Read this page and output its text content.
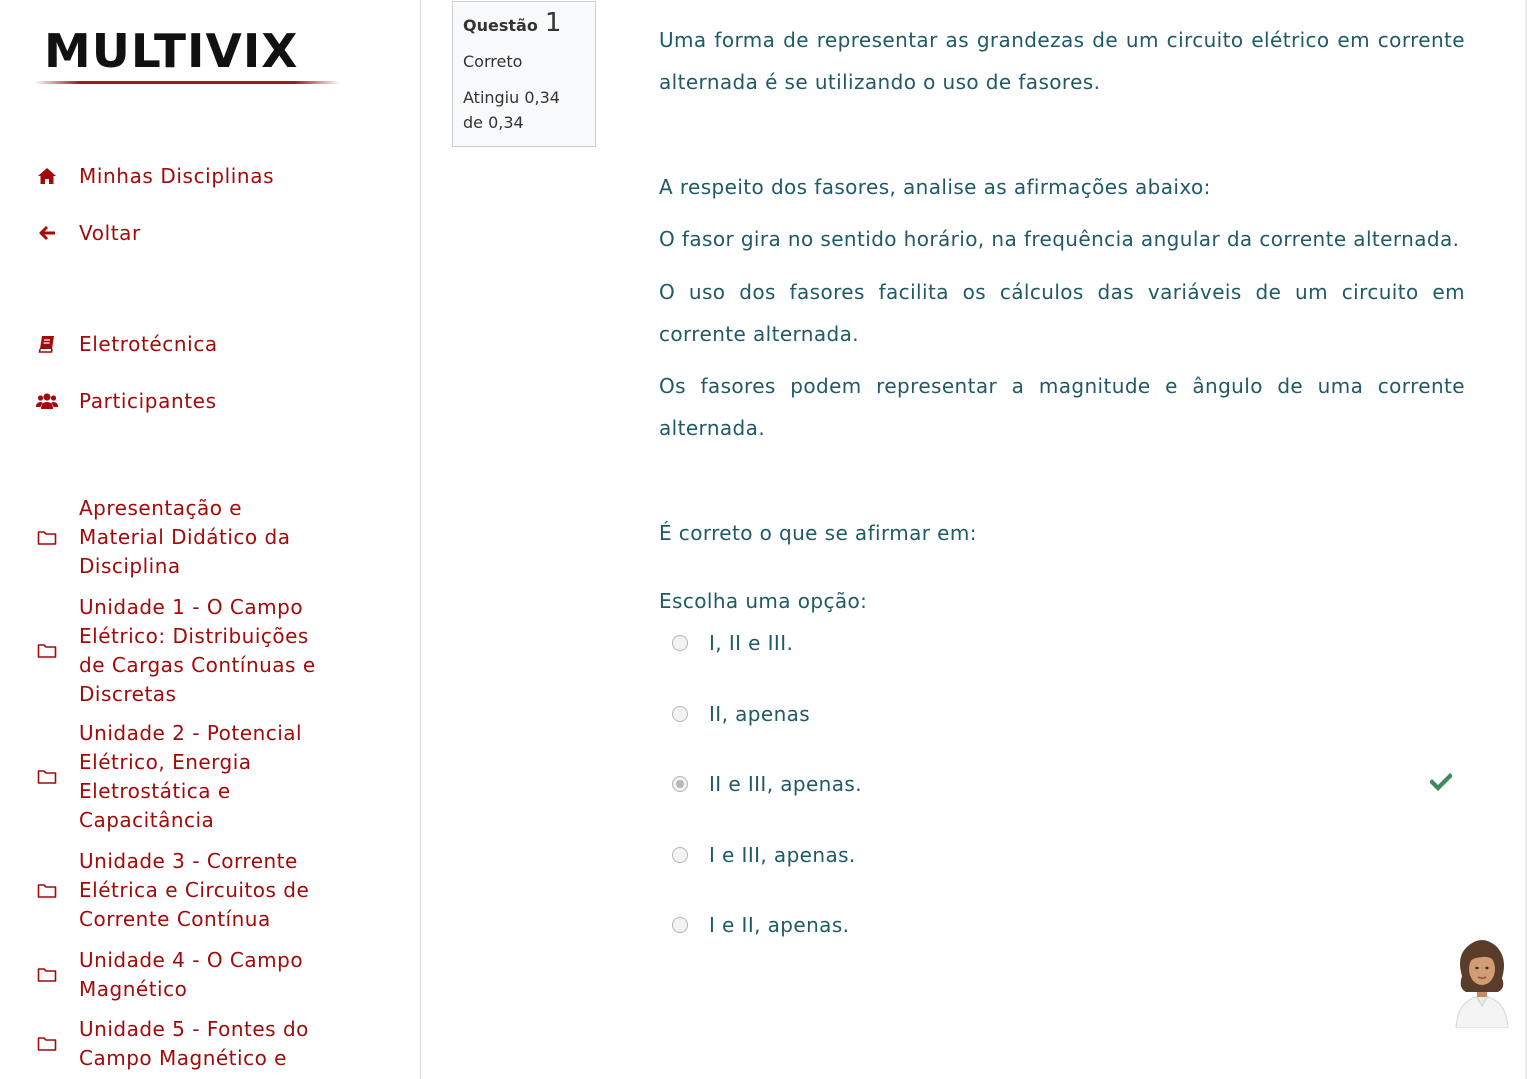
MULTIVIX
Minhas Disciplinas
Voltar
Eletrotécnica
Participantes
Apresentação e Material Didático da Disciplina
Unidade 1 - O Campo Elétrico: Distribuições de Cargas Contínuas e Discretas
Unidade 2 - Potencial Elétrico, Energia Eletrostática e Capacitância
Unidade 3 - Corrente Elétrica e Circuitos de Corrente Contínua
Unidade 4 - O Campo Magnético
Unidade 5 - Fontes do Campo Magnético e
Questão 1
Correto
Atingiu 0,34 de 0,34
Uma forma de representar as grandezas de um circuito elétrico em corrente alternada é se utilizando o uso de fasores.
A respeito dos fasores, analise as afirmações abaixo:
O fasor gira no sentido horário, na frequência angular da corrente alternada.
O uso dos fasores facilita os cálculos das variáveis de um circuito em corrente alternada.
Os fasores podem representar a magnitude e ângulo de uma corrente alternada.
É correto o que se afirmar em:
Escolha uma opção:
I, II e III.
II, apenas
II e III, apenas.
I e III, apenas.
I e II, apenas.
